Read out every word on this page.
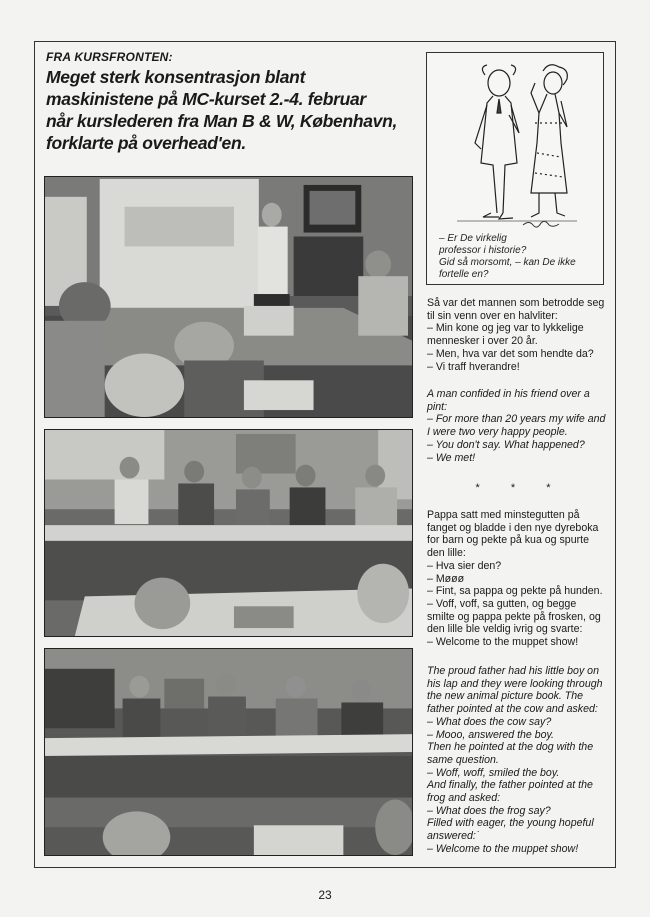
FRA KURSFRONTEN:
Meget sterk konsentrasjon blant
maskinistene på MC-kurset 2.-4. februar
når kurslederen fra Man B & W, København,
forklarte på overhead'en.
– Er De virkelig
professor i historie?
Gid så morsomt, – kan De ikke
fortelle en?
Så var det mannen som betrodde seg
til sin venn over en halvliter:
– Min kone og jeg var to lykkelige
mennesker i over 20 år.
– Men, hva var det som hendte da?
– Vi traff hverandre!
A man confided in his friend over a
pint:
– For more than 20 years my wife and
I were two very happy people.
– You don't say. What happened?
– We met!
* * *
Pappa satt med minstegutten på
fanget og bladde i den nye dyreboka
for barn og pekte på kua og spurte
den lille:
– Hva sier den?
– Møøø
– Fint, sa pappa og pekte på hunden.
– Voff, voff, sa gutten, og begge
smilte og pappa pekte på frosken, og
den lille ble veldig ivrig og svarte:
– Welcome to the muppet show!
The proud father had his little boy on
his lap and they were looking through
the new animal picture book. The
father pointed at the cow and asked:
– What does the cow say?
– Mooo, answered the boy.
Then he pointed at the dog with the
same question.
– Woff, woff, smiled the boy.
And finally, the father pointed at the
frog and asked:
– What does the frog say?
Filled with eager, the young hopeful
answered:˙
– Welcome to the muppet show!
23
